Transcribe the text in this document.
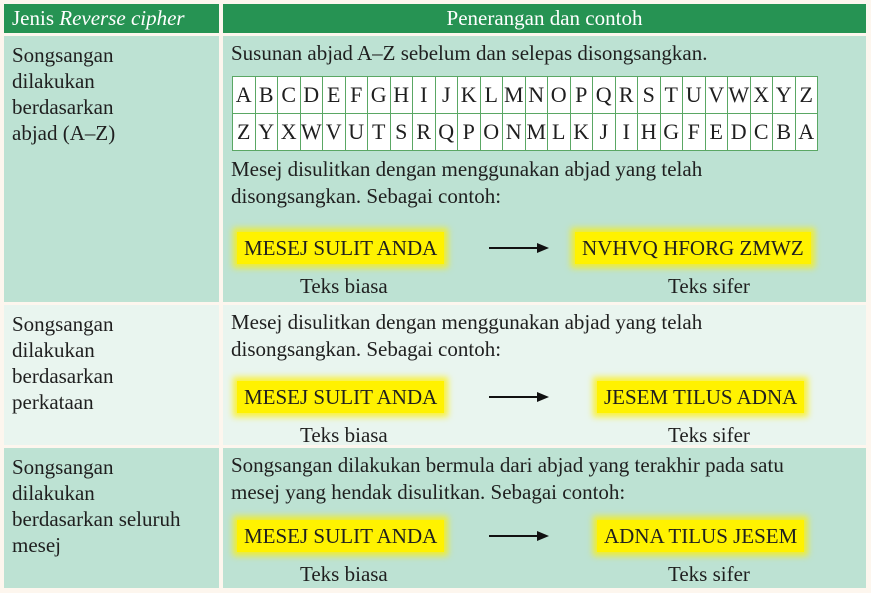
Jenis Reverse cipher	Penerangan dan contoh
Songsangan
dilakukan
berdasarkan
abjad (A–Z)
Susunan abjad A–Z sebelum dan selepas disongsangkan.
A	B	C	D	E	F	G	H	I	J	K	L	M	N	O	P	Q	R	S	T	U	V	W	X	Y	Z
Z	Y	X	W	V	U	T	S	R	Q	P	O	N	M	L	K	J	I	H	G	F	E	D	C	B	A
Mesej disulitkan dengan menggunakan abjad yang telah
disongsangkan. Sebagai contoh:
MESEJ SULIT ANDA	NVHVQ HFORG ZMWZ
Teks biasa	Teks sifer
Songsangan
dilakukan
berdasarkan
perkataan
Mesej disulitkan dengan menggunakan abjad yang telah
disongsangkan. Sebagai contoh:
MESEJ SULIT ANDA	JESEM TILUS ADNA
Teks biasa	Teks sifer
Songsangan
dilakukan
berdasarkan seluruh
mesej
Songsangan dilakukan bermula dari abjad yang terakhir pada satu
mesej yang hendak disulitkan. Sebagai contoh:
MESEJ SULIT ANDA	ADNA TILUS JESEM
Teks biasa	Teks sifer
